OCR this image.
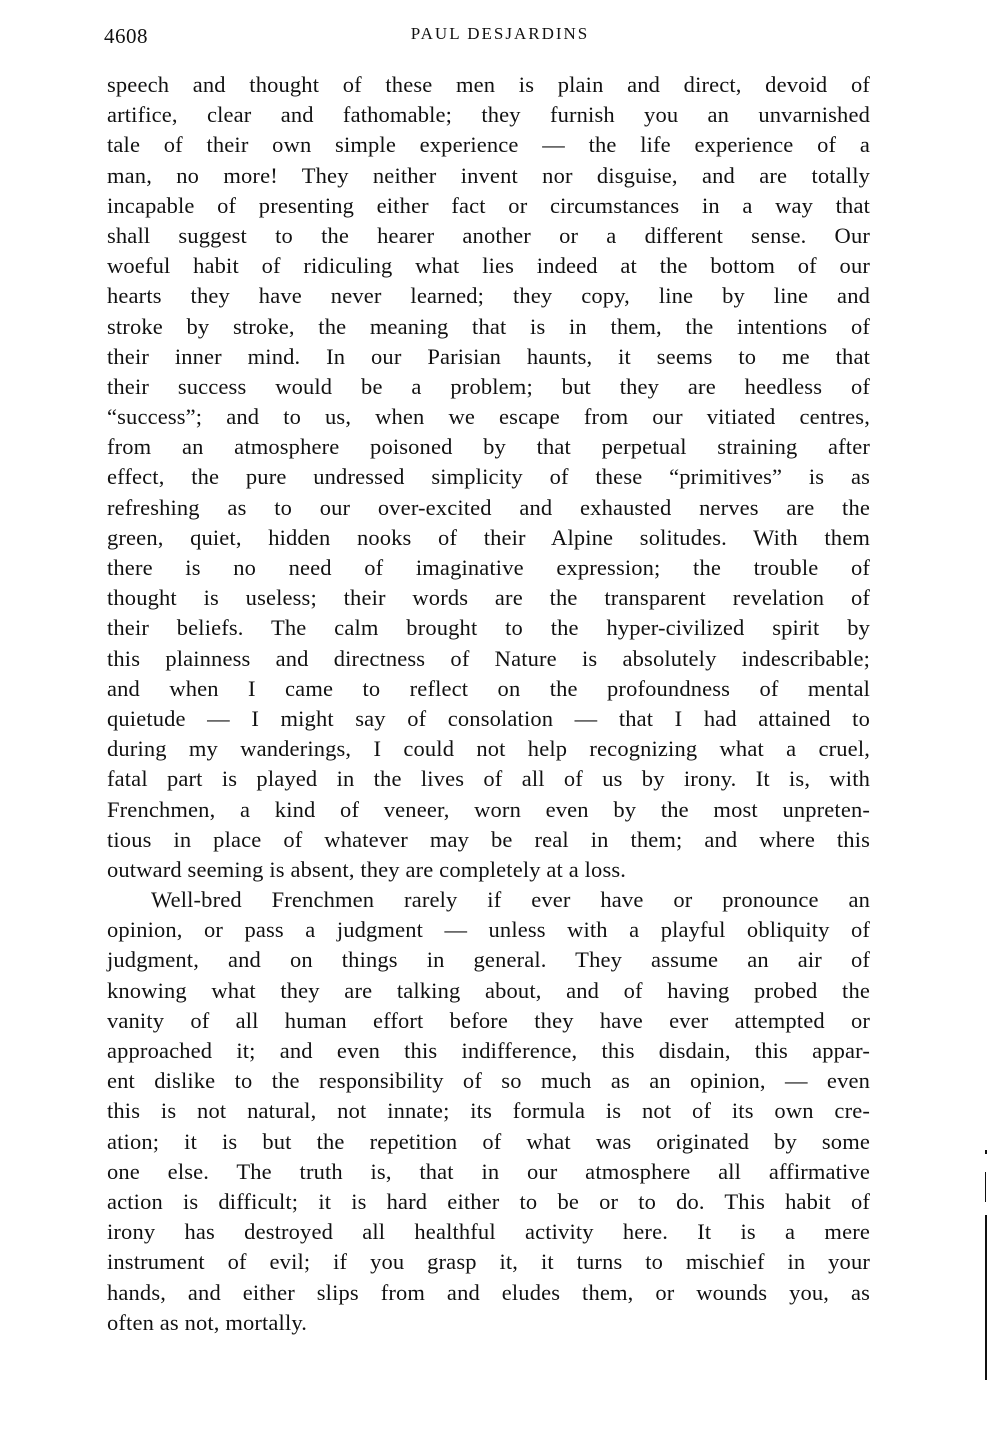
4608	PAUL DESJARDINS
speech and thought of these men is plain and direct, devoid of
artifice, clear and fathomable; they furnish you an unvarnished
tale of their own simple experience — the life experience of a
man, no more! They neither invent nor disguise, and are totally
incapable of presenting either fact or circumstances in a way that
shall suggest to the hearer another or a different sense. Our
woeful habit of ridiculing what lies indeed at the bottom of our
hearts they have never learned; they copy, line by line and
stroke by stroke, the meaning that is in them, the intentions of
their inner mind. In our Parisian haunts, it seems to me that
their success would be a problem; but they are heedless of
“success”; and to us, when we escape from our vitiated centres,
from an atmosphere poisoned by that perpetual straining after
effect, the pure undressed simplicity of these “primitives” is as
refreshing as to our over-excited and exhausted nerves are the
green, quiet, hidden nooks of their Alpine solitudes. With them
there is no need of imaginative expression; the trouble of
thought is useless; their words are the transparent revelation of
their beliefs. The calm brought to the hyper-civilized spirit by
this plainness and directness of Nature is absolutely indescribable;
and when I came to reflect on the profoundness of mental
quietude — I might say of consolation — that I had attained to
during my wanderings, I could not help recognizing what a cruel,
fatal part is played in the lives of all of us by irony. It is, with
Frenchmen, a kind of veneer, worn even by the most unpreten-
tious in place of whatever may be real in them; and where this
outward seeming is absent, they are completely at a loss.
Well-bred Frenchmen rarely if ever have or pronounce an
opinion, or pass a judgment — unless with a playful obliquity of
judgment, and on things in general. They assume an air of
knowing what they are talking about, and of having probed the
vanity of all human effort before they have ever attempted or
approached it; and even this indifference, this disdain, this appar-
ent dislike to the responsibility of so much as an opinion, — even
this is not natural, not innate; its formula is not of its own cre-
ation; it is but the repetition of what was originated by some
one else. The truth is, that in our atmosphere all affirmative
action is difficult; it is hard either to be or to do. This habit of
irony has destroyed all healthful activity here. It is a mere
instrument of evil; if you grasp it, it turns to mischief in your
hands, and either slips from and eludes them, or wounds you, as
often as not, mortally.
